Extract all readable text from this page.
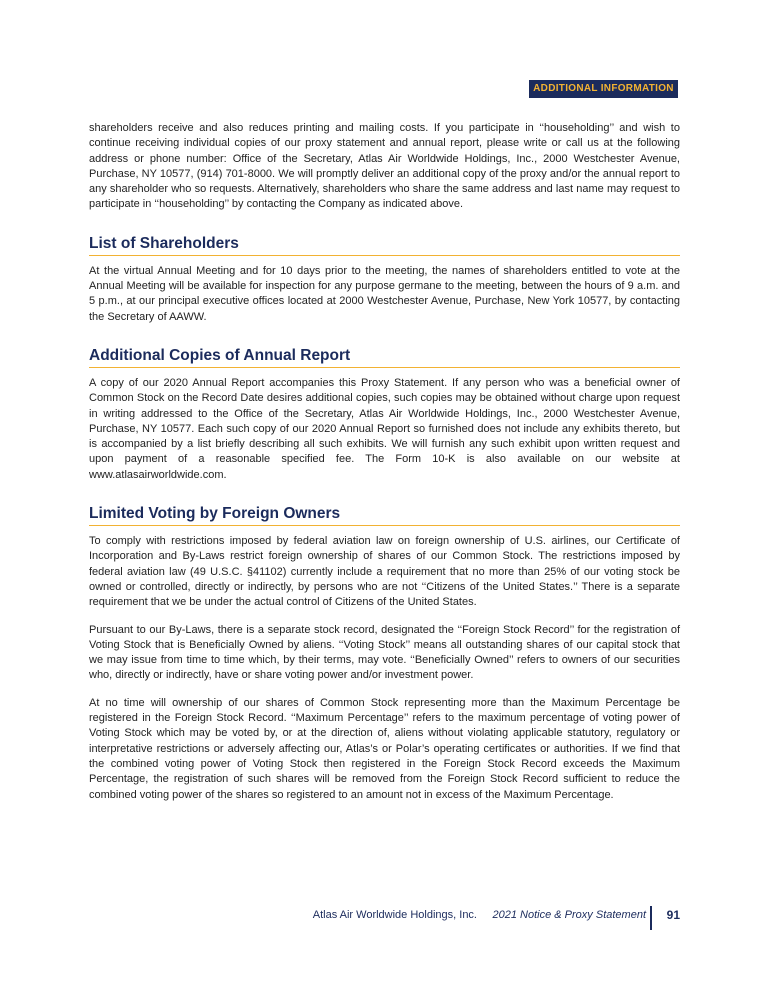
ADDITIONAL INFORMATION

shareholders receive and also reduces printing and mailing costs. If you participate in ‘‘householding’’ and wish to continue receiving individual copies of our proxy statement and annual report, please write or call us at the following address or phone number: Office of the Secretary, Atlas Air Worldwide Holdings, Inc., 2000 Westchester Avenue, Purchase, NY 10577, (914) 701-8000. We will promptly deliver an additional copy of the proxy and/or the annual report to any shareholder who so requests. Alternatively, shareholders who share the same address and last name may request to participate in ‘‘householding’’ by contacting the Company as indicated above.

List of Shareholders

At the virtual Annual Meeting and for 10 days prior to the meeting, the names of shareholders entitled to vote at the Annual Meeting will be available for inspection for any purpose germane to the meeting, between the hours of 9 a.m. and 5 p.m., at our principal executive offices located at 2000 Westchester Avenue, Purchase, New York 10577, by contacting the Secretary of AAWW.

Additional Copies of Annual Report

A copy of our 2020 Annual Report accompanies this Proxy Statement. If any person who was a beneficial owner of Common Stock on the Record Date desires additional copies, such copies may be obtained without charge upon request in writing addressed to the Office of the Secretary, Atlas Air Worldwide Holdings, Inc., 2000 Westchester Avenue, Purchase, NY 10577. Each such copy of our 2020 Annual Report so furnished does not include any exhibits thereto, but is accompanied by a list briefly describing all such exhibits. We will furnish any such exhibit upon written request and upon payment of a reasonable specified fee. The Form 10-K is also available on our website at www.atlasairworldwide.com.

Limited Voting by Foreign Owners

To comply with restrictions imposed by federal aviation law on foreign ownership of U.S. airlines, our Certificate of Incorporation and By-Laws restrict foreign ownership of shares of our Common Stock. The restrictions imposed by federal aviation law (49 U.S.C. §41102) currently include a requirement that no more than 25% of our voting stock be owned or controlled, directly or indirectly, by persons who are not ‘‘Citizens of the United States.’’ There is a separate requirement that we be under the actual control of Citizens of the United States.

Pursuant to our By-Laws, there is a separate stock record, designated the ‘‘Foreign Stock Record’’ for the registration of Voting Stock that is Beneficially Owned by aliens. ‘‘Voting Stock’’ means all outstanding shares of our capital stock that we may issue from time to time which, by their terms, may vote. ‘‘Beneficially Owned’’ refers to owners of our securities who, directly or indirectly, have or share voting power and/or investment power.

At no time will ownership of our shares of Common Stock representing more than the Maximum Percentage be registered in the Foreign Stock Record. ‘‘Maximum Percentage’’ refers to the maximum percentage of voting power of Voting Stock which may be voted by, or at the direction of, aliens without violating applicable statutory, regulatory or interpretative restrictions or adversely affecting our, Atlas’s or Polar’s operating certificates or authorities. If we find that the combined voting power of Voting Stock then registered in the Foreign Stock Record exceeds the Maximum Percentage, the registration of such shares will be removed from the Foreign Stock Record sufficient to reduce the combined voting power of the shares so registered to an amount not in excess of the Maximum Percentage.

Atlas Air Worldwide Holdings, Inc. 2021 Notice & Proxy Statement 91
